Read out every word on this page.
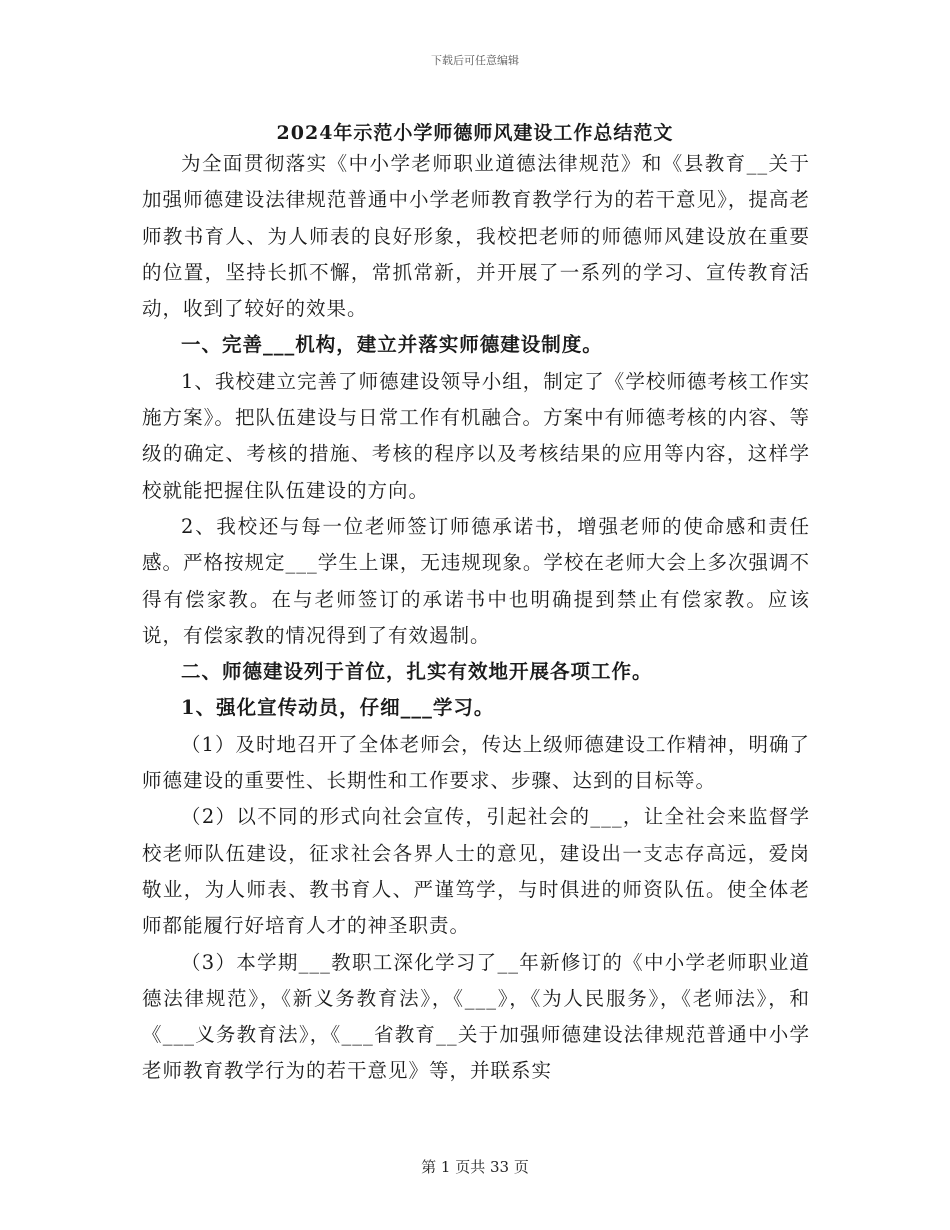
下载后可任意编辑
2024年示范小学师德师风建设工作总结范文

为全面贯彻落实《中小学老师职业道德法律规范》和《县教育__关于加强师德建设法律规范普通中小学老师教育教学行为的若干意见》，提高老师教书育人、为人师表的良好形象，我校把老师的师德师风建设放在重要的位置，坚持长抓不懈，常抓常新，并开展了一系列的学习、宣传教育活动，收到了较好的效果。

一、完善___机构，建立并落实师德建设制度。

1、我校建立完善了师德建设领导小组，制定了《学校师德考核工作实施方案》。把队伍建设与日常工作有机融合。方案中有师德考核的内容、等级的确定、考核的措施、考核的程序以及考核结果的应用等内容，这样学校就能把握住队伍建设的方向。

2、我校还与每一位老师签订师德承诺书，增强老师的使命感和责任感。严格按规定___学生上课，无违规现象。学校在老师大会上多次强调不得有偿家教。在与老师签订的承诺书中也明确提到禁止有偿家教。应该说，有偿家教的情况得到了有效遏制。

二、师德建设列于首位，扎实有效地开展各项工作。

1、强化宣传动员，仔细___学习。

（1）及时地召开了全体老师会，传达上级师德建设工作精神，明确了师德建设的重要性、长期性和工作要求、步骤、达到的目标等。

（2）以不同的形式向社会宣传，引起社会的___，让全社会来监督学校老师队伍建设，征求社会各界人士的意见，建设出一支志存高远，爱岗敬业，为人师表、教书育人、严谨笃学，与时俱进的师资队伍。使全体老师都能履行好培育人才的神圣职责。

（3）本学期___教职工深化学习了__年新修订的《中小学老师职业道德法律规范》，《新义务教育法》，《___》，《为人民服务》，《老师法》，和《___义务教育法》，《___省教育__关于加强师德建设法律规范普通中小学老师教育教学行为的若干意见》等，并联系实

第 1 页共 33 页
